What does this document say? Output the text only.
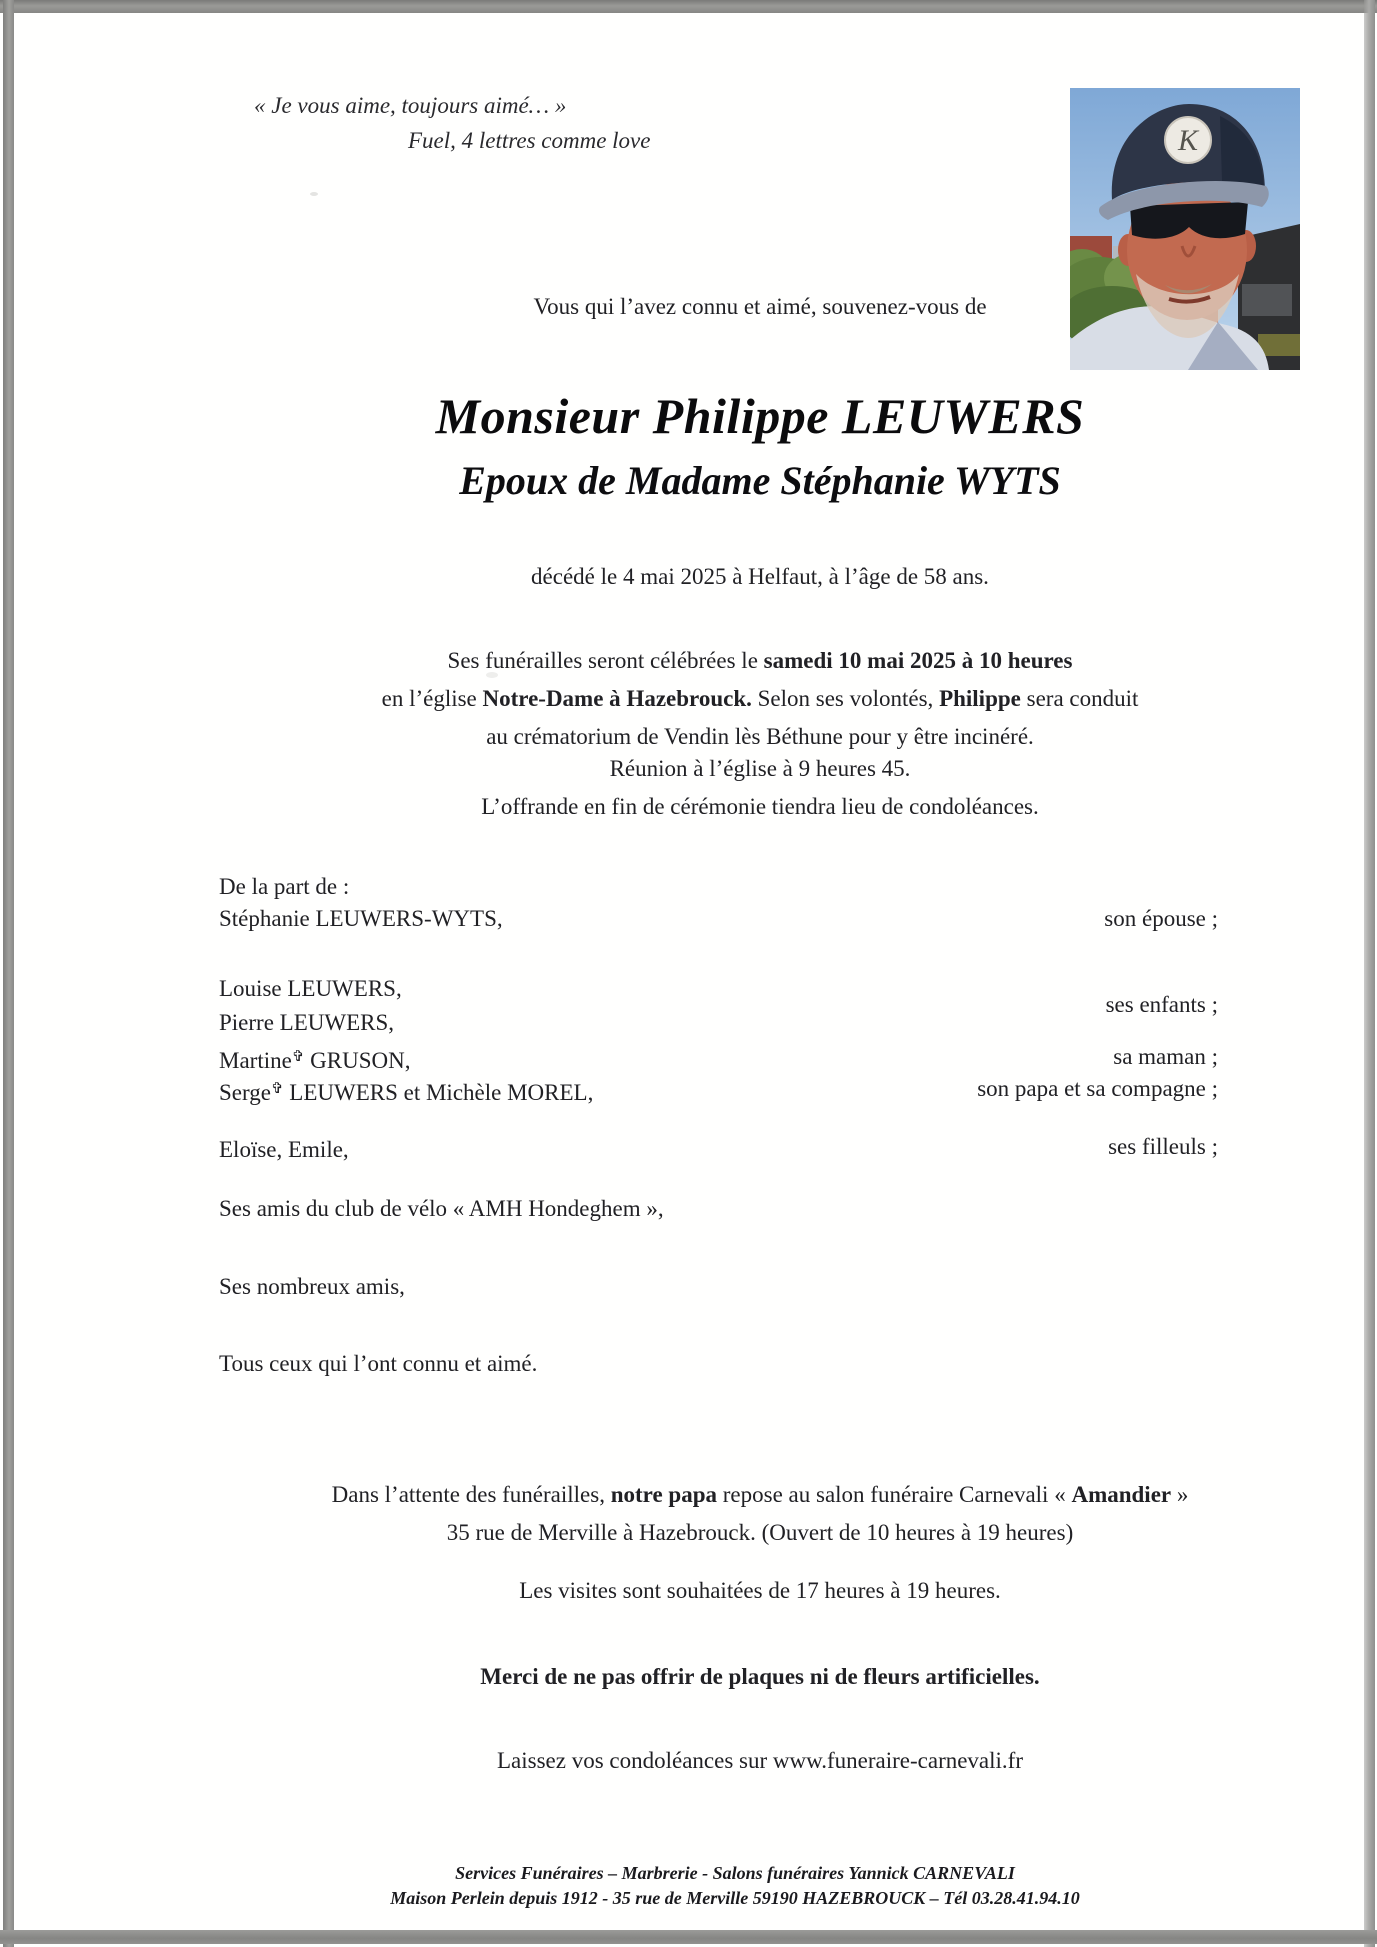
« Je vous aime, toujours aimé… »
Fuel, 4 lettres comme love	K
Vous qui l’avez connu et aimé, souvenez-vous de
Monsieur Philippe LEUWERS
Epoux de Madame Stéphanie WYTS
décédé le 4 mai 2025 à Helfaut, à l’âge de 58 ans.
Ses funérailles seront célébrées le samedi 10 mai 2025 à 10 heures
en l’église Notre-Dame à Hazebrouck. Selon ses volontés, Philippe sera conduit
au crématorium de Vendin lès Béthune pour y être incinéré.
Réunion à l’église à 9 heures 45.
L’offrande en fin de cérémonie tiendra lieu de condoléances.
De la part de :
Stéphanie LEUWERS-WYTS,	son épouse ;
Louise LEUWERS,
Pierre LEUWERS,
ses enfants ;
Martine✞ GRUSON,	sa maman ;
Serge✞ LEUWERS et Michèle MOREL,	son papa et sa compagne ;
Eloïse, Emile,	ses filleuls ;
Ses amis du club de vélo « AMH Hondeghem »,
Ses nombreux amis,
Tous ceux qui l’ont connu et aimé.
Dans l’attente des funérailles, notre papa repose au salon funéraire Carnevali « Amandier »
35 rue de Merville à Hazebrouck. (Ouvert de 10 heures à 19 heures)
Les visites sont souhaitées de 17 heures à 19 heures.
Merci de ne pas offrir de plaques ni de fleurs artificielles.
Laissez vos condoléances sur www.funeraire-carnevali.fr
Services Funéraires – Marbrerie - Salons funéraires Yannick CARNEVALI
Maison Perlein depuis 1912 - 35 rue de Merville 59190 HAZEBROUCK – Tél 03.28.41.94.10
